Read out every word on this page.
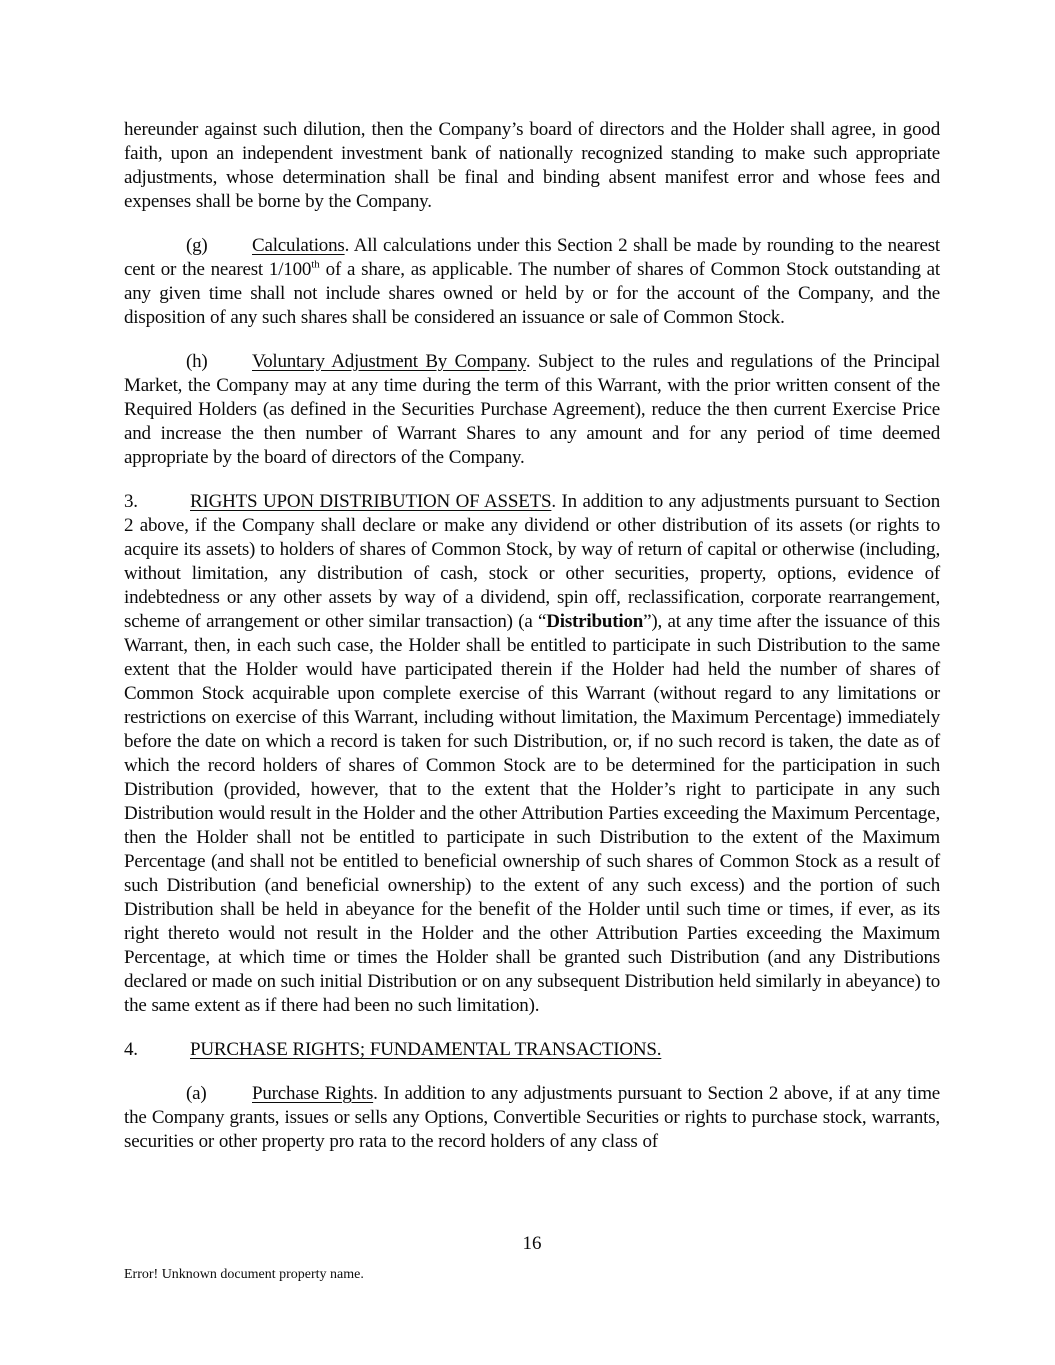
hereunder against such dilution, then the Company’s board of directors and the Holder shall agree, in good faith, upon an independent investment bank of nationally recognized standing to make such appropriate adjustments, whose determination shall be final and binding absent manifest error and whose fees and expenses shall be borne by the Company.

(g) Calculations. All calculations under this Section 2 shall be made by rounding to the nearest cent or the nearest 1/100th of a share, as applicable. The number of shares of Common Stock outstanding at any given time shall not include shares owned or held by or for the account of the Company, and the disposition of any such shares shall be considered an issuance or sale of Common Stock.

(h) Voluntary Adjustment By Company. Subject to the rules and regulations of the Principal Market, the Company may at any time during the term of this Warrant, with the prior written consent of the Required Holders (as defined in the Securities Purchase Agreement), reduce the then current Exercise Price and increase the then number of Warrant Shares to any amount and for any period of time deemed appropriate by the board of directors of the Company.

3.	RIGHTS UPON DISTRIBUTION OF ASSETS. In addition to any adjustments pursuant to Section 2 above, if the Company shall declare or make any dividend or other distribution of its assets (or rights to acquire its assets) to holders of shares of Common Stock, by way of return of capital or otherwise (including, without limitation, any distribution of cash, stock or other securities, property, options, evidence of indebtedness or any other assets by way of a dividend, spin off, reclassification, corporate rearrangement, scheme of arrangement or other similar transaction) (a “Distribution”), at any time after the issuance of this Warrant, then, in each such case, the Holder shall be entitled to participate in such Distribution to the same extent that the Holder would have participated therein if the Holder had held the number of shares of Common Stock acquirable upon complete exercise of this Warrant (without regard to any limitations or restrictions on exercise of this Warrant, including without limitation, the Maximum Percentage) immediately before the date on which a record is taken for such Distribution, or, if no such record is taken, the date as of which the record holders of shares of Common Stock are to be determined for the participation in such Distribution (provided, however, that to the extent that the Holder’s right to participate in any such Distribution would result in the Holder and the other Attribution Parties exceeding the Maximum Percentage, then the Holder shall not be entitled to participate in such Distribution to the extent of the Maximum Percentage (and shall not be entitled to beneficial ownership of such shares of Common Stock as a result of such Distribution (and beneficial ownership) to the extent of any such excess) and the portion of such Distribution shall be held in abeyance for the benefit of the Holder until such time or times, if ever, as its right thereto would not result in the Holder and the other Attribution Parties exceeding the Maximum Percentage, at which time or times the Holder shall be granted such Distribution (and any Distributions declared or made on such initial Distribution or on any subsequent Distribution held similarly in abeyance) to the same extent as if there had been no such limitation).

4.	PURCHASE RIGHTS; FUNDAMENTAL TRANSACTIONS.

(a) Purchase Rights. In addition to any adjustments pursuant to Section 2 above, if at any time the Company grants, issues or sells any Options, Convertible Securities or rights to purchase stock, warrants, securities or other property pro rata to the record holders of any class of

16
Error! Unknown document property name.
